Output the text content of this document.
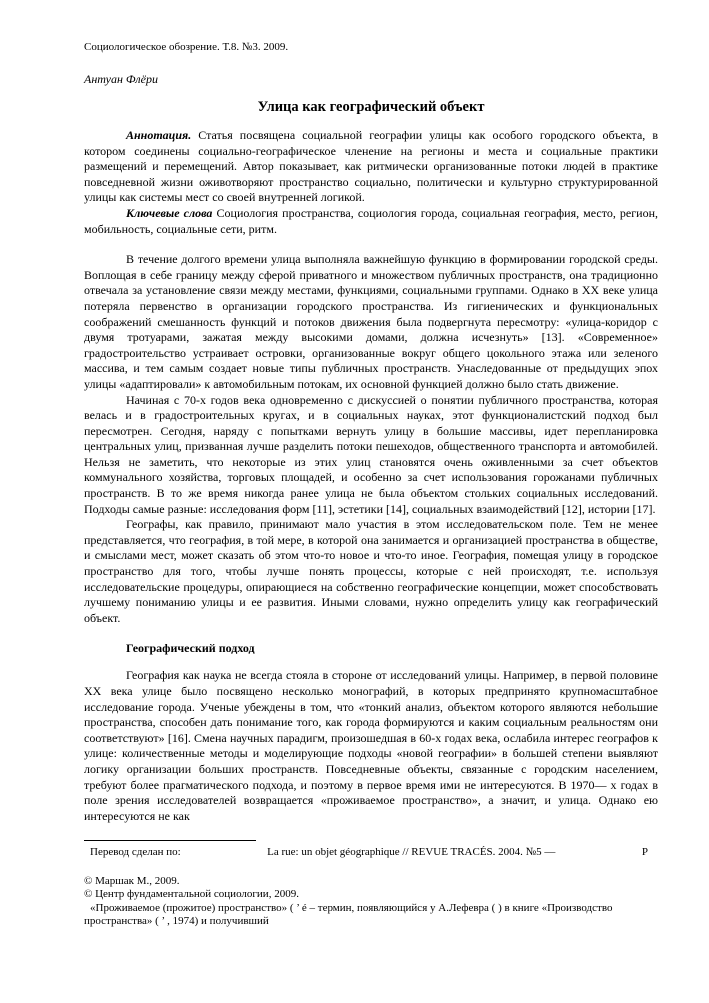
Социологическое обозрение. Т.8. №3. 2009.

Антуан Флёри

Улица как географический объект

Аннотация. Статья посвящена социальной географии улицы как особого городского объекта, в котором соединены социально-географическое членение на регионы и места и социальные практики размещений и перемещений. Автор показывает, как ритмически организованные потоки людей в практике повседневной жизни оживотворяют пространство социально, политически и культурно структурированной улицы как системы мест со своей внутренней логикой.

Ключевые слова Социология пространства, социология города, социальная география, место, регион, мобильность, социальные сети, ритм.

В течение долгого времени улица выполняла важнейшую функцию в формировании городской среды. Воплощая в себе границу между сферой приватного и множеством публичных пространств, она традиционно отвечала за установление связи между местами, функциями, социальными группами. Однако в XX веке улица потеряла первенство в организации городского пространства. Из гигиенических и функциональных соображений смешанность функций и потоков движения была подвергнута пересмотру: «улица-коридор с двумя тротуарами, зажатая между высокими домами, должна исчезнуть» [13]. «Современное» градостроительство устраивает островки, организованные вокруг общего цокольного этажа или зеленого массива, и тем самым создает новые типы публичных пространств. Унаследованные от предыдущих эпох улицы «адаптировали» к автомобильным потокам, их основной функцией должно было стать движение.

Начиная с 70-х годов века одновременно с дискуссией о понятии публичного пространства, которая велась и в градостроительных кругах, и в социальных науках, этот функционалистский подход был пересмотрен. Сегодня, наряду с попытками вернуть улицу в большие массивы, идет перепланировка центральных улиц, призванная лучше разделить потоки пешеходов, общественного транспорта и автомобилей. Нельзя не заметить, что некоторые из этих улиц становятся очень оживленными за счет объектов коммунального хозяйства, торговых площадей, и особенно за счет использования горожанами публичных пространств. В то же время никогда ранее улица не была объектом стольких социальных исследований. Подходы самые разные: исследования форм [11], эстетики [14], социальных взаимодействий [12], истории [17].

Географы, как правило, принимают мало участия в этом исследовательском поле. Тем не менее представляется, что география, в той мере, в которой она занимается и организацией пространства в обществе, и смыслами мест, может сказать об этом что-то новое и что-то иное. География, помещая улицу в городское пространство для того, чтобы лучше понять процессы, которые с ней происходят, т.е. используя исследовательские процедуры, опирающиеся на собственно географические концепции, может способствовать лучшему пониманию улицы и ее развития. Иными словами, нужно определить улицу как географический объект.

Географический подход

География как наука не всегда стояла в стороне от исследований улицы. Например, в первой половине XX века улице было посвящено несколько монографий, в которых предпринято крупномасштабное исследование города. Ученые убеждены в том, что «тонкий анализ, объектом которого являются небольшие пространства, способен дать понимание того, как города формируются и каким социальным реальностям они соответствуют» [16]. Смена научных парадигм, произошедшая в 60-х годах века, ослабила интерес географов к улице: количественные методы и моделирующие подходы «новой географии» в большей степени выявляют логику организации больших пространств. Повседневные объекты, связанные с городским населением, требуют более прагматического подхода, и поэтому в первое время ими не интересуются. В 1970— х годах в поле зрения исследователей возвращается «проживаемое пространство», а значит, и улица. Однако ею интересуются не как

Перевод сделан по:	La rue: un objet géographique // REVUE TRACÉS. 2004. №5 —	P
© Маршак М., 2009.
© Центр фундаментальной социологии, 2009.
«Проживаемое (прожитое) пространство» ( ’ é – термин, появляющийся у А.Лефевра ( ) в книге «Производство пространства» ( ’ , 1974) и получивший
